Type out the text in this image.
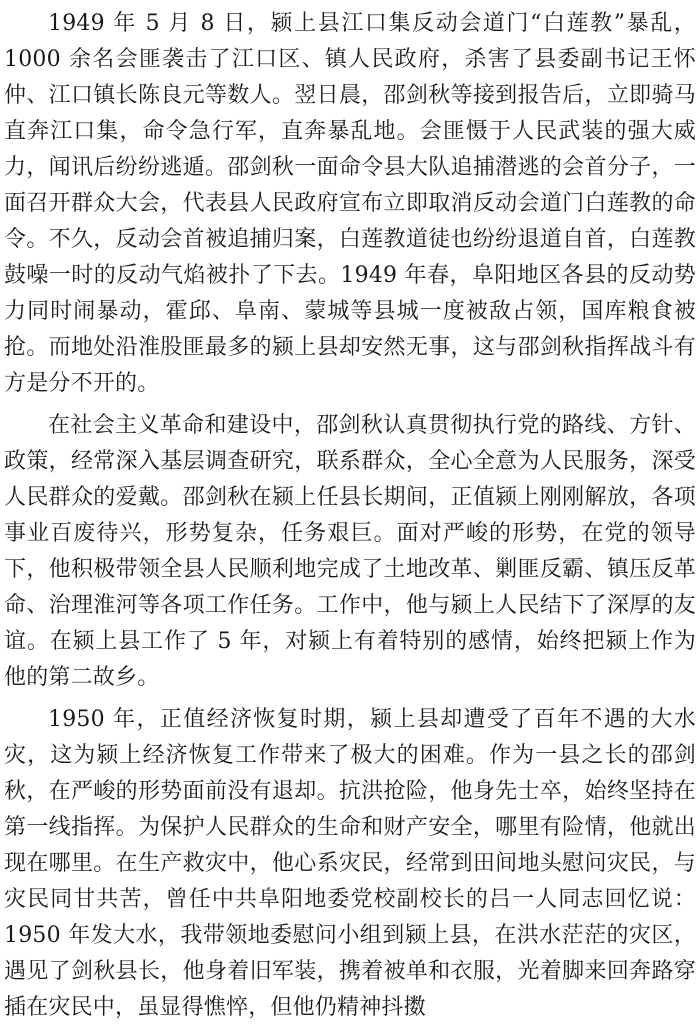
1949 年 5 月 8 日，颍上县江口集反动会道门“白莲教”暴乱，1000 余名会匪袭击了江口区、镇人民政府，杀害了县委副书记王怀仲、江口镇长陈良元等数人。翌日晨，邵剑秋等接到报告后，立即骑马直奔江口集，命令急行军，直奔暴乱地。会匪慑于人民武装的强大威力，闻讯后纷纷逃遁。邵剑秋一面命令县大队追捕潜逃的会首分子，一面召开群众大会，代表县人民政府宣布立即取消反动会道门白莲教的命令。不久，反动会首被追捕归案，白莲教道徒也纷纷退道自首，白莲教鼓噪一时的反动气焰被扑了下去。1949 年春，阜阳地区各县的反动势力同时闹暴动，霍邱、阜南、蒙城等县城一度被敌占领，国库粮食被抢。而地处沿淮股匪最多的颍上县却安然无事，这与邵剑秋指挥战斗有方是分不开的。

在社会主义革命和建设中，邵剑秋认真贯彻执行党的路线、方针、政策，经常深入基层调查研究，联系群众，全心全意为人民服务，深受人民群众的爱戴。邵剑秋在颍上任县长期间，正值颍上刚刚解放，各项事业百废待兴，形势复杂，任务艰巨。面对严峻的形势，在党的领导下，他积极带领全县人民顺利地完成了土地改革、剿匪反霸、镇压反革命、治理淮河等各项工作任务。工作中，他与颍上人民结下了深厚的友谊。在颍上县工作了 5 年，对颍上有着特别的感情，始终把颍上作为他的第二故乡。

1950 年，正值经济恢复时期，颍上县却遭受了百年不遇的大水灾，这为颍上经济恢复工作带来了极大的困难。作为一县之长的邵剑秋，在严峻的形势面前没有退却。抗洪抢险，他身先士卒，始终坚持在第一线指挥。为保护人民群众的生命和财产安全，哪里有险情，他就出现在哪里。在生产救灾中，他心系灾民，经常到田间地头慰问灾民，与灾民同甘共苦，曾任中共阜阳地委党校副校长的吕一人同志回忆说：1950 年发大水，我带领地委慰问小组到颍上县，在洪水茫茫的灾区，遇见了剑秋县长，他身着旧军装，携着被单和衣服，光着脚来回奔路穿插在灾民中，虽显得憔悴，但他仍精神抖擞
